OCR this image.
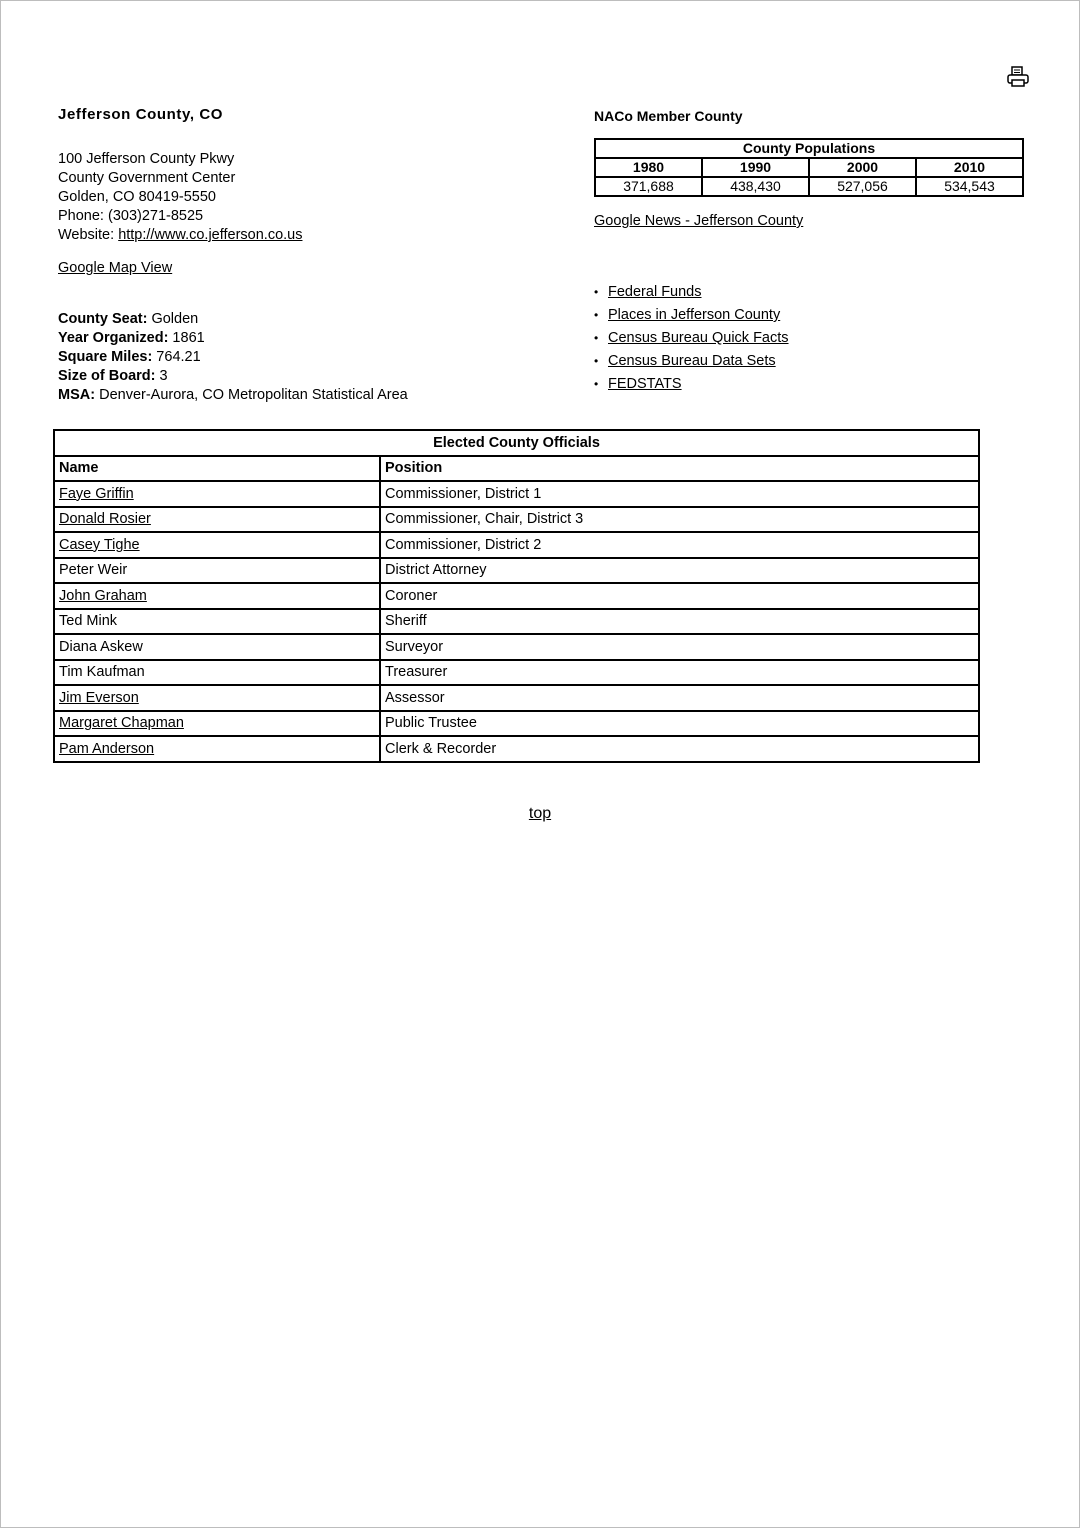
Jefferson County, CO
100 Jefferson County Pkwy
County Government Center
Golden, CO 80419-5550
Phone: (303)271-8525
Website: http://www.co.jefferson.co.us
Google Map View
County Seat: Golden
Year Organized: 1861
Square Miles: 764.21
Size of Board: 3
MSA: Denver-Aurora, CO Metropolitan Statistical Area
NACo Member County
County Populations			
1980	1990	2000	2010
371,688	438,430	527,056	534,543
Google News - Jefferson County
• Federal Funds
• Places in Jefferson County
• Census Bureau Quick Facts
• Census Bureau Data Sets
• FEDSTATS
Elected County Officials	
Name	Position
Faye Griffin	Commissioner, District 1
Donald Rosier	Commissioner, Chair, District 3
Casey Tighe	Commissioner, District 2
Peter Weir	District Attorney
John Graham	Coroner
Ted Mink	Sheriff
Diana Askew	Surveyor
Tim Kaufman	Treasurer
Jim Everson	Assessor
Margaret Chapman	Public Trustee
Pam Anderson	Clerk & Recorder
top
